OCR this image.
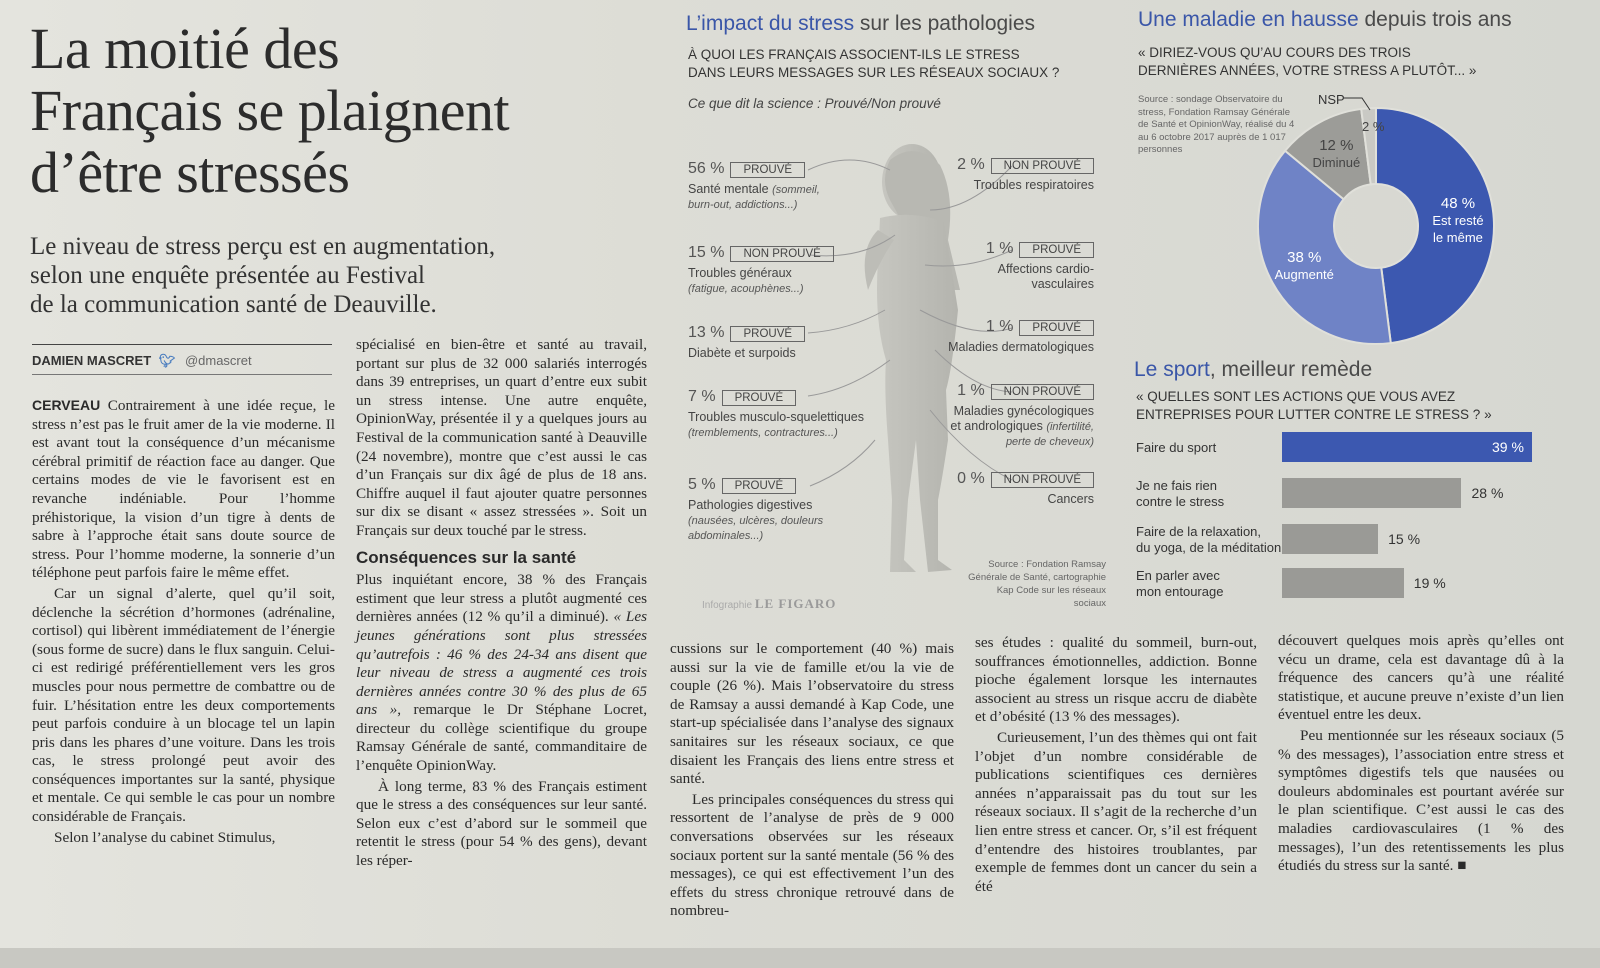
La moitié des
Français se plaignent
d’être stressés
Le niveau de stress perçu est en augmentation,
selon une enquête présentée au Festival
de la communication santé de Deauville.
DAMIEN MASCRET 🐦︎ @dmascret

CERVEAU Contrairement à une idée reçue, le stress n’est pas le fruit amer de la vie moderne. Il est avant tout la conséquence d’un mécanisme cérébral primitif de réaction face au danger. Que certains modes de vie le favorisent est en revanche indéniable. Pour l’homme préhistorique, la vision d’un tigre à dents de sabre à l’approche était sans doute source de stress. Pour l’homme moderne, la sonnerie d’un téléphone peut parfois faire le même effet.

Car un signal d’alerte, quel qu’il soit, déclenche la sécrétion d’hormones (adrénaline, cortisol) qui libèrent immédiatement de l’énergie (sous forme de sucre) dans le flux sanguin. Celui-ci est redirigé préférentiellement vers les gros muscles pour nous permettre de combattre ou de fuir. L’hésitation entre les deux comportements peut parfois conduire à un blocage tel un lapin pris dans les phares d’une voiture. Dans les trois cas, le stress prolongé peut avoir des conséquences importantes sur la santé, physique et mentale. Ce qui semble le cas pour un nombre considérable de Français.

Selon l’analyse du cabinet Stimulus,

spécialisé en bien-être et santé au travail, portant sur plus de 32 000 salariés interrogés dans 39 entreprises, un quart d’entre eux subit un stress intense. Une autre enquête, OpinionWay, présentée il y a quelques jours au Festival de la communication santé à Deauville (24 novembre), montre que c’est aussi le cas d’un Français sur dix âgé de plus de 18 ans. Chiffre auquel il faut ajouter quatre personnes sur dix se disant « assez stressées ». Soit un Français sur deux touché par le stress.

Conséquences sur la santé

Plus inquiétant encore, 38 % des Français estiment que leur stress a plutôt augmenté ces dernières années (12 % qu’il a diminué). « Les jeunes générations sont plus stressées qu’autrefois : 46 % des 24-34 ans disent que leur niveau de stress a augmenté ces trois dernières années contre 30 % des plus de 65 ans », remarque le Dr Stéphane Locret, directeur du collège scientifique du groupe Ramsay Générale de santé, commanditaire de l’enquête OpinionWay.

À long terme, 83 % des Français estiment que le stress a des conséquences sur leur santé. Selon eux c’est d’abord sur le sommeil que retentit le stress (pour 54 % des gens), devant les réper-

cussions sur le comportement (40 %) mais aussi sur la vie de famille et/ou la vie de couple (26 %). Mais l’observatoire du stress de Ramsay a aussi demandé à Kap Code, une start-up spécialisée dans l’analyse des signaux sanitaires sur les réseaux sociaux, ce que disaient les Français des liens entre stress et santé.

Les principales conséquences du stress qui ressortent de l’analyse de près de 9 000 conversations observées sur les réseaux sociaux portent sur la santé mentale (56 % des messages), ce qui est effectivement l’un des effets du stress chronique retrouvé dans de nombreu-

ses études : qualité du sommeil, burn-out, souffrances émotionnelles, addiction. Bonne pioche également lorsque les internautes associent au stress un risque accru de diabète et d’obésité (13 % des messages).

Curieusement, l’un des thèmes qui ont fait l’objet d’un nombre considérable de publications scientifiques ces dernières années n’apparaissait pas du tout sur les réseaux sociaux. Il s’agit de la recherche d’un lien entre stress et cancer. Or, s’il est fréquent d’entendre des histoires troublantes, par exemple de femmes dont un cancer du sein a été

découvert quelques mois après qu’elles ont vécu un drame, cela est davantage dû à la fréquence des cancers qu’à une réalité statistique, et aucune preuve n’existe d’un lien éventuel entre les deux.

Peu mentionnée sur les réseaux sociaux (5 % des messages), l’association entre stress et symptômes digestifs tels que nausées ou douleurs abdominales est pourtant avérée sur le plan scientifique. C’est aussi le cas des maladies cardiovasculaires (1 % des messages), l’un des retentissements les plus étudiés du stress sur la santé. ■

L’impact du stress sur les pathologies
À QUOI LES FRANÇAIS ASSOCIENT-ILS LE STRESS
DANS LEURS MESSAGES SUR LES RÉSEAUX SOCIAUX ?
Ce que dit la science : Prouvé/Non prouvé
56 % PROUVÉ
Santé mentale (sommeil, burn-out, addictions...)
15 % NON PROUVÉ
Troubles généraux
(fatigue, acouphènes...)
13 % PROUVÉ
Diabète et surpoids
7 % PROUVÉ
Troubles musculo-squelettiques
(tremblements, contractures...)
5 % PROUVÉ
Pathologies digestives
(nausées, ulcères, douleurs abdominales...)
2 % NON PROUVÉ
Troubles respiratoires
1 % PROUVÉ
Affections cardio-vasculaires
1 % PROUVÉ
Maladies dermatologiques
1 % NON PROUVÉ
Maladies gynécologiques et andrologiques (infertilité, perte de cheveux)
0 % NON PROUVÉ
Cancers
Source : Fondation Ramsay Générale de Santé, cartographie Kap Code sur les réseaux sociaux
Infographie LE FIGARO
Une maladie en hausse depuis trois ans
« DIRIEZ-VOUS QU’AU COURS DES TROIS
DERNIÈRES ANNÉES, VOTRE STRESS A PLUTÔT... »
Source : sondage Observatoire du stress, Fondation Ramsay Générale de Santé et OpinionWay, réalisé du 4 au 6 octobre 2017 auprès de 1 017 personnes
NSP
48 %
Est resté
le même
38 %
Augmenté
12 %
Diminué
2 %
Le sport, meilleur remède
« QUELLES SONT LES ACTIONS QUE VOUS AVEZ
ENTREPRISES POUR LUTTER CONTRE LE STRESS ? »
Faire du sport	39 %
Je ne fais rien
contre le stress
28 %
Faire de la relaxation,
du yoga, de la méditation
15 %
En parler avec
mon entourage
19 %
